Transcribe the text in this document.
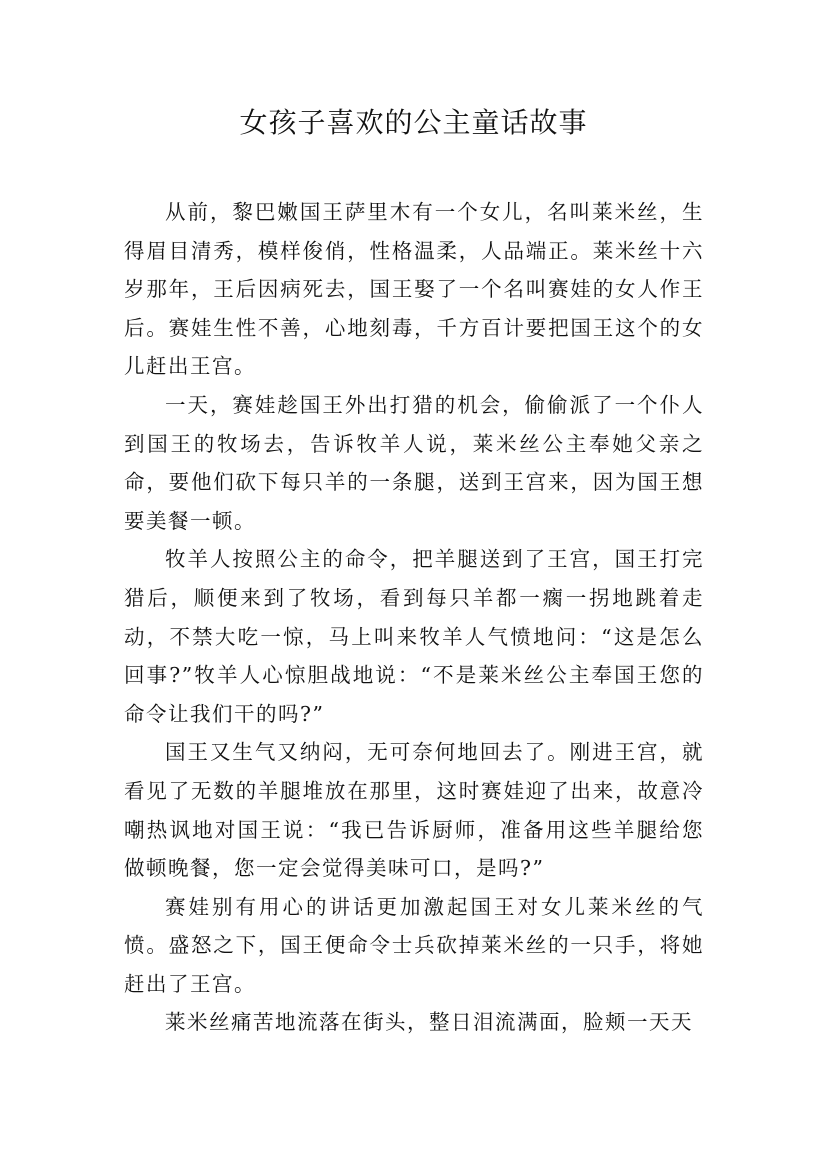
女孩子喜欢的公主童话故事

从前，黎巴嫩国王萨里木有一个女儿，名叫莱米丝，生得眉目清秀，模样俊俏，性格温柔，人品端正。莱米丝十六岁那年，王后因病死去，国王娶了一个名叫赛娃的女人作王后。赛娃生性不善，心地刻毒，千方百计要把国王这个的女儿赶出王宫。

一天，赛娃趁国王外出打猎的机会，偷偷派了一个仆人到国王的牧场去，告诉牧羊人说，莱米丝公主奉她父亲之命，要他们砍下每只羊的一条腿，送到王宫来，因为国王想要美餐一顿。

牧羊人按照公主的命令，把羊腿送到了王宫，国王打完猎后，顺便来到了牧场，看到每只羊都一瘸一拐地跳着走动，不禁大吃一惊，马上叫来牧羊人气愤地问：“这是怎么回事?”牧羊人心惊胆战地说：“不是莱米丝公主奉国王您的命令让我们干的吗?”

国王又生气又纳闷，无可奈何地回去了。刚进王宫，就看见了无数的羊腿堆放在那里，这时赛娃迎了出来，故意冷嘲热讽地对国王说：“我已告诉厨师，准备用这些羊腿给您做顿晚餐，您一定会觉得美味可口，是吗?”

赛娃别有用心的讲话更加激起国王对女儿莱米丝的气愤。盛怒之下，国王便命令士兵砍掉莱米丝的一只手，将她赶出了王宫。

莱米丝痛苦地流落在街头，整日泪流满面，脸颊一天天
